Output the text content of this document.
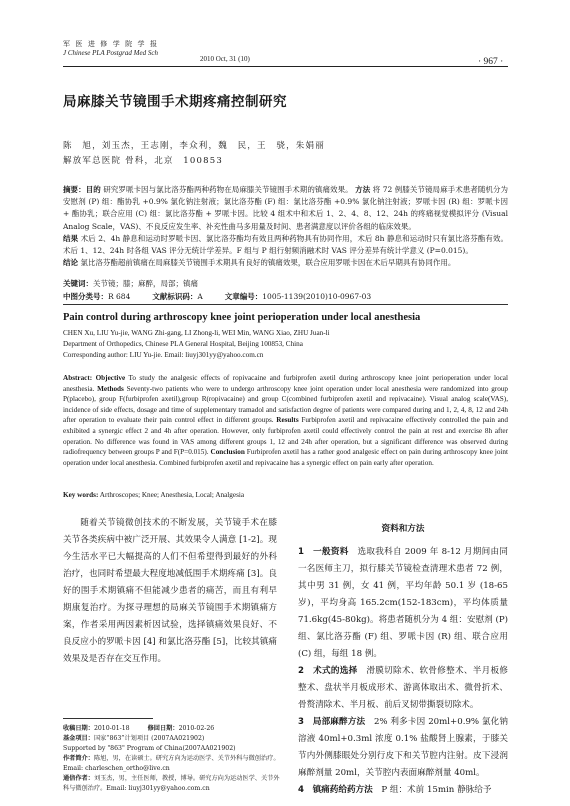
军 医 进 修 学 院 学 报
J Chinese PLA Postgrad Med Sch
2010 Oct, 31 (10)	· 967 ·
局麻膝关节镜围手术期疼痛控制研究
陈　旭，刘玉杰，王志刚，李众利，魏　民，王　骁，朱娟丽
解放军总医院 骨科，北京　100853
摘要：目的 研究罗哌卡因与氯比洛芬酯两种药物在局麻膝关节镜围手术期的镇痛效果。 方法 将 72 例膝关节镜局麻手术患者随机分为安慰剂 (P) 组：酯协乳 +0.9% 氯化钠注射液；氯比洛芬酯 (F) 组：氯比洛芬酯 +0.9% 氯化钠注射液；罗哌卡因 (R) 组：罗哌卡因 + 酯协乳；联合应用 (C) 组：氯比洛芬酯 + 罗哌卡因。比较 4 组术中和术后 1、2、4、8、12、24h 的疼痛视觉模拟评分 (Visual Analog Scale，VAS)、不良反应发生率、补充性曲马多用量及时间、患者满意度以评价各组的临床效果。
结果 术后 2、4h 静息和运动时罗哌卡因、氯比洛芬酯均有效且两种药物具有协同作用，术后 8h 静息和运动时只有氯比洛芬酯有效。术后 1、12、24h 时各组 VAS 评分无统计学差异。F 组与 P 组行射频消融术时 VAS 评分差异有统计学意义 (P=0.015)。
结论 氯比洛芬酯超前镇痛在局麻膝关节镜围手术期具有良好的镇痛效果，联合应用罗哌卡因在术后早期具有协同作用。
关键词：关节镜；膝；麻醉，局部；镇痛
中图分类号：R 684	文献标识码：A	文章编号：1005-1139(2010)10-0967-03
Pain control during arthroscopy knee joint perioperation under local anesthesia
CHEN Xu, LIU Yu-jie, WANG Zhi-gang, LI Zhong-li, WEI Min, WANG Xiao, ZHU Juan-li
Department of Orthopedics, Chinese PLA General Hospital, Beijing 100853, China
Corresponding author: LIU Yu-jie. Email: liuyj301yy@yahoo.com.cn
Abstract: Objective To study the analgesic effects of ropivacaine and furbiprofen axetil during arthroscopy knee joint perioperation under local anesthesia. Methods Seventy-two patients who were to undergo arthroscopy knee joint operation under local anesthesia were randomized into group P(placebo), group F(furbiprofen axetil),group R(ropivacaine) and group C(combined furbiprofen axetil and repivacaine). Visual analog scale(VAS), incidence of side effects, dosage and time of supplementary tramadol and satisfaction degree of patients were compared during and 1, 2, 4, 8, 12 and 24h after operation to evaluate their pain control effect in different groups. Results Furbiprofen axetil and repivacaine effectively controlled the pain and exhibited a synergic effect 2 and 4h after operation. However, only furbiprofen axetil could effectively control the pain at rest and exercise 8h after operation. No difference was found in VAS among different groups 1, 12 and 24h after operation, but a significant difference was observed during radiofrequency between groups P and F(P=0.015). Conclusion Furbiprofen axetil has a rather good analgesic effect on pain during arthroscopy knee joint operation under local anesthesia. Combined furbiprofen axetil and repivacaine has a synergic effect on pain early after operation.
Key words: Arthroscopes; Knee; Anesthesia, Local; Analgesia
随着关节镜微创技术的不断发展，关节镜手术在膝关节各类疾病中被广泛开展、其效果令人满意 [1-2]。现今生活水平已大幅提高的人们不但希望得到最好的外科治疗，也同时希望最大程度地减低围手术期疼痛 [3]。良好的围手术期镇痛不但能减少患者的痛苦，而且有利早期康复治疗。为探寻理想的局麻关节镜围手术期镇痛方案，作者采用两因素析因试验，选择镇痛效果良好、不良反应小的罗哌卡因 [4] 和氯比洛芬酯 [5]，比较其镇痛效果及是否存在交互作用。
资料和方法

1　一般资料　 选取我科自 2009 年 8-12 月期间由同一名医师主刀，拟行膝关节镜检查清理术患者 72 例，其中男 31 例，女 41 例，平均年龄 50.1 岁 (18-65 岁)，平均身高 165.2cm(152-183cm)，平均体质量 71.6kg(45-80kg)。将患者随机分为 4 组：安慰剂 (P) 组、氯比洛芬酯 (F) 组、罗哌卡因 (R) 组、联合应用 (C) 组，每组 18 例。

2　术式的选择　 滑膜切除术、软骨修整术、半月板修整术、盘状半月板成形术、游离体取出术、微骨折术、骨赘清除术、半月板、前后叉韧带撕裂切除术。

3　局部麻醉方法　 2% 利多卡因 20ml+0.9% 氯化钠溶液 40ml+0.3ml 浓度 0.1% 盐酸肾上腺素，于膝关节内外侧膝眼处分别行皮下和关节腔内注射。皮下浸润麻醉剂量 20ml，关节腔内表面麻醉剂量 40ml。

4　镇痛药给药方法　 P 组：术前 15min 静脉给予

收稿日期：2010-01-18	修回日期：2010-02-26
基金项目：国家“863”计划项目 (2007AA021902)
Supported by "863" Program of China(2007AA021902)
作者简介：陈旭，男，在读硕士。研究方向为运动医学、关节外科与微创治疗。Email: charleschen_ortho@live.cn
通信作者：刘玉杰，男，主任医师，教授，博导。研究方向为运动医学、关节外科与微创治疗。Email: liuyj301yy@yahoo.com.cn
